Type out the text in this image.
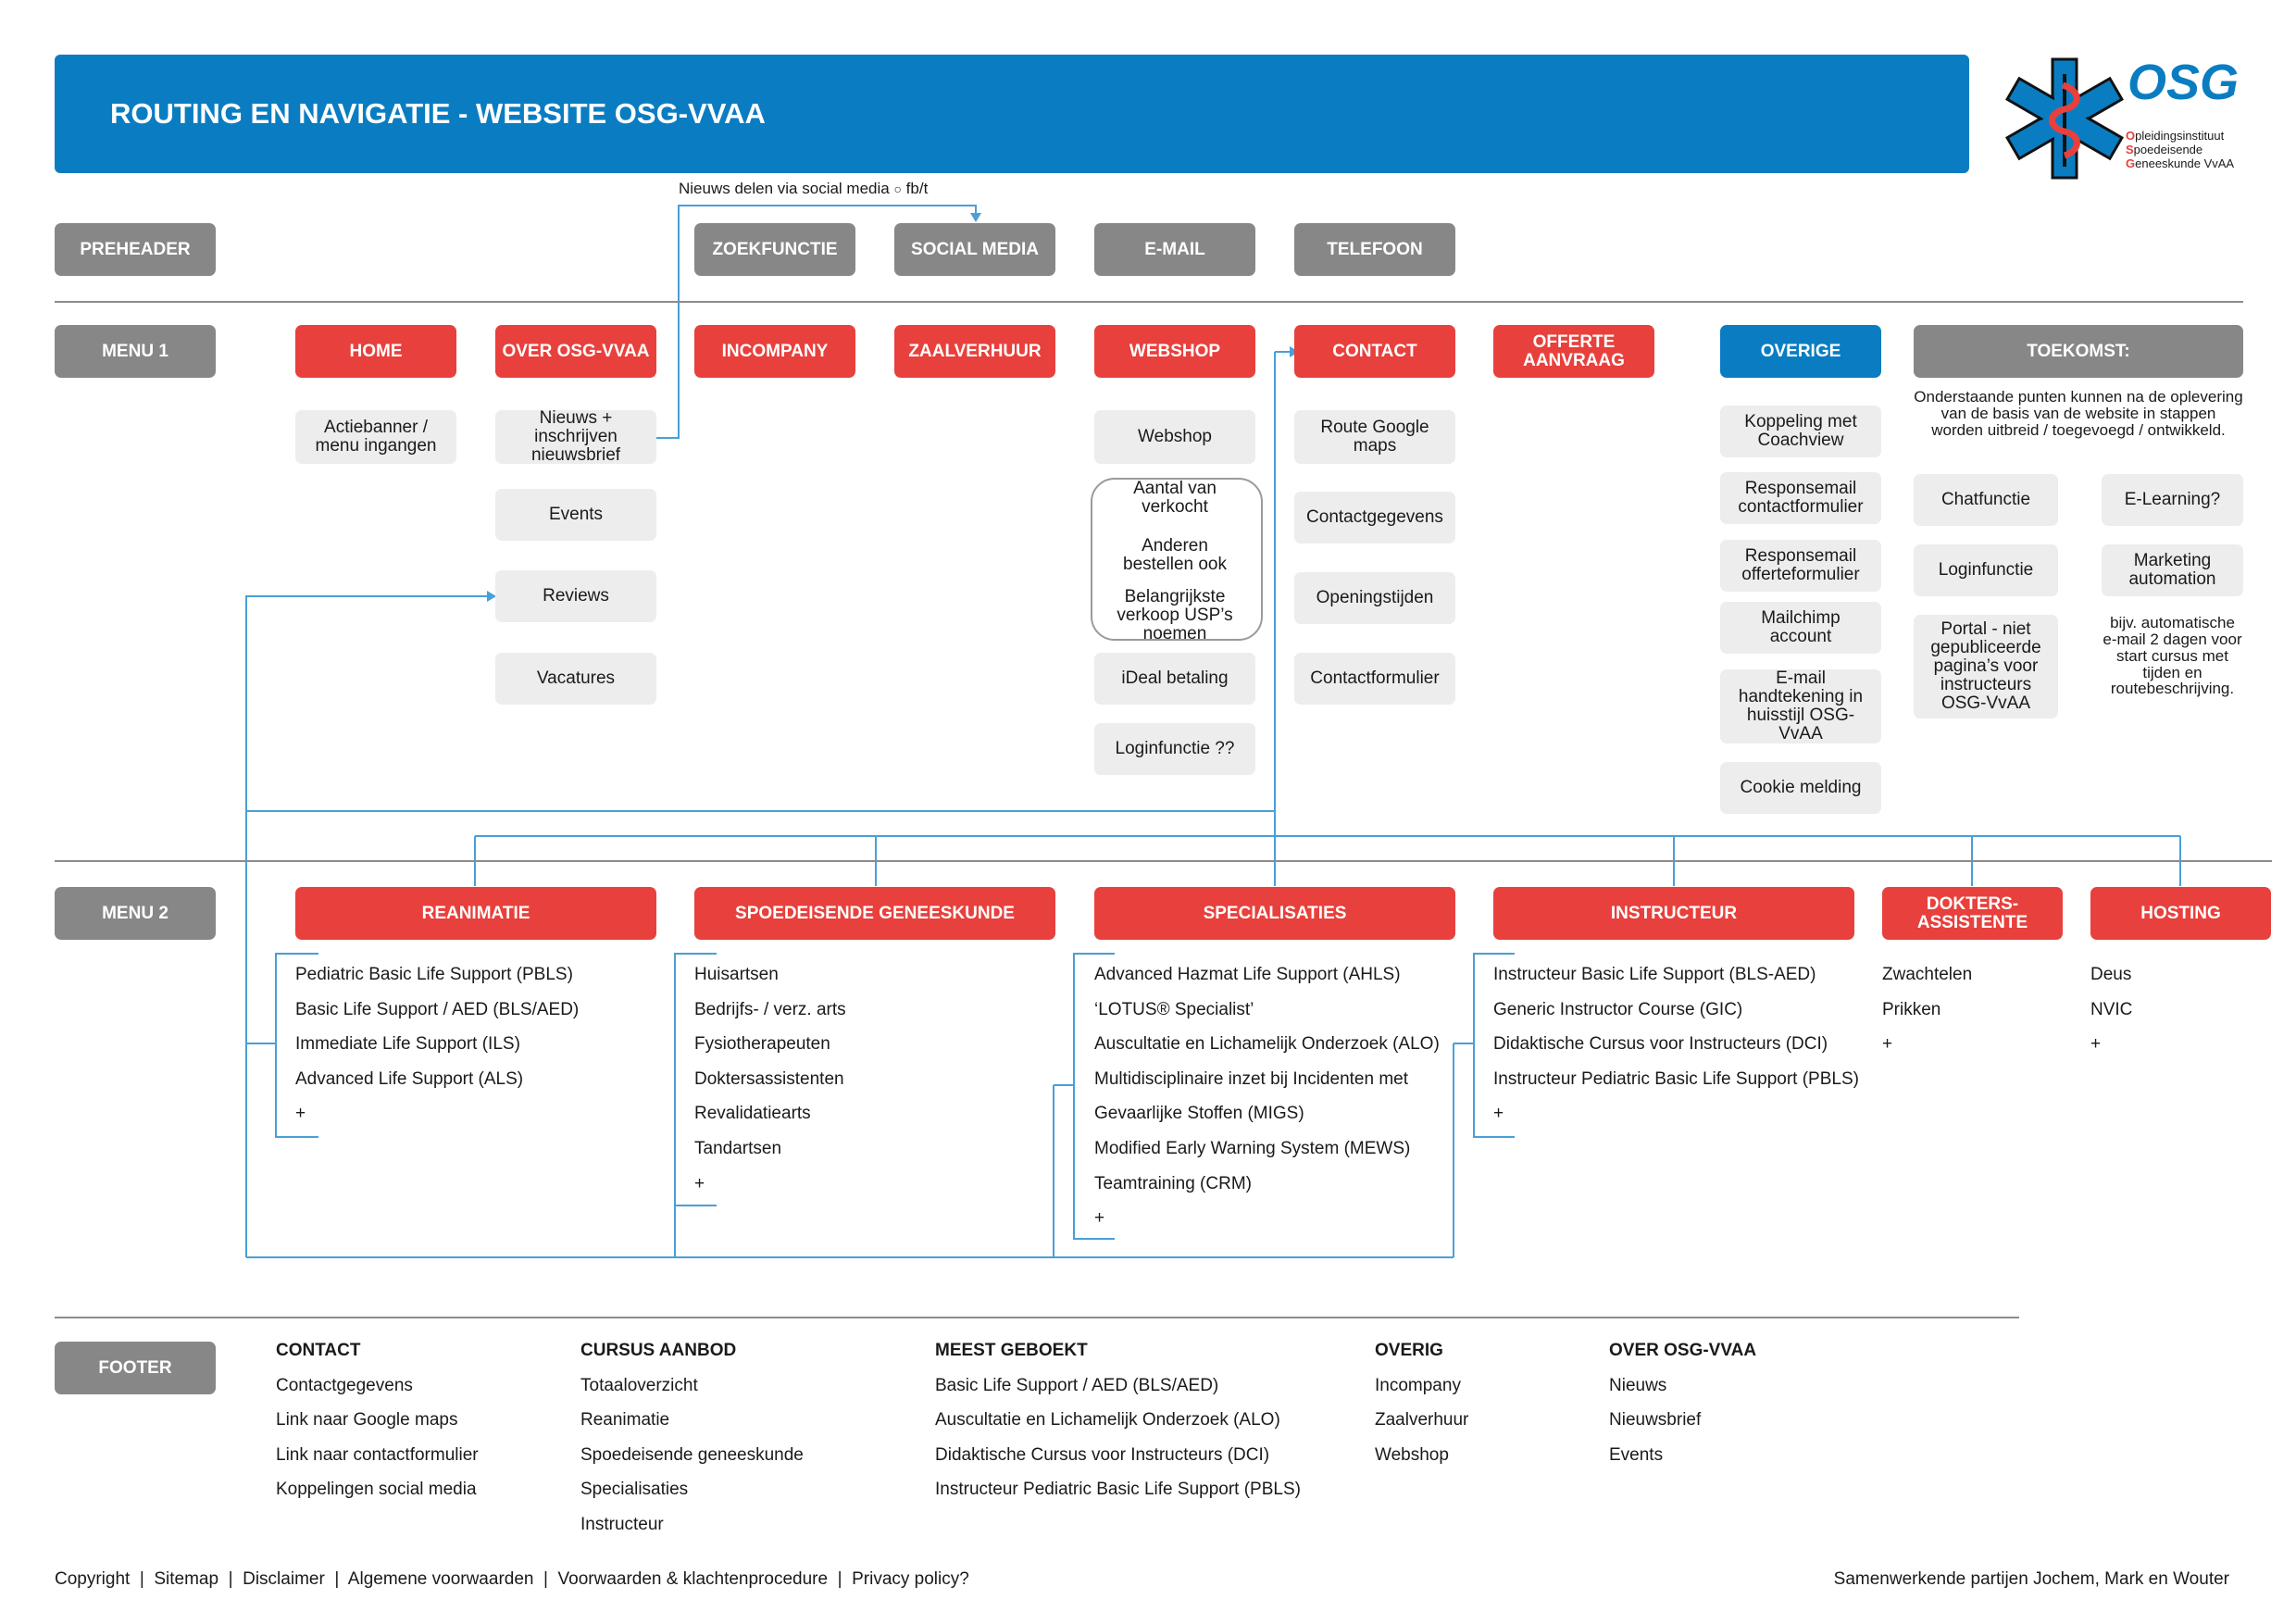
ROUTING EN NAVIGATIE - WEBSITE OSG-VVAA
OSG
Opleidingsinstituut
Spoedeisende
Geneeskunde VvAA
Nieuws delen via social media ○ fb/t
PREHEADER	ZOEKFUNCTIE	SOCIAL MEDIA	E-MAIL	TELEFOON
MENU 1	HOME	OVER OSG-VVAA	INCOMPANY	ZAALVERHUUR	WEBSHOP	CONTACT	OFFERTE AANVRAAG	OVERIGE	TOEKOMST:
Actiebanner / menu ingangen
Nieuws + inschrijven nieuwsbrief
Events
Reviews
Vacatures
Webshop
Aantal van verkocht
Anderen bestellen ook
Belangrijkste verkoop USP’s noemen
iDeal betaling
Loginfunctie ??
Route Google maps
Contactgegevens
Openingstijden
Contactformulier
Koppeling met Coachview
Responsemail contactformulier
Responsemail offerteformulier
Mailchimp account
E-mail handtekening in huisstijl OSG-VvAA
Cookie melding
Onderstaande punten kunnen na de oplevering van de basis van de website in stappen worden uitbreid / toegevoegd / ontwikkeld.
Chatfunctie	E-Learning?
Loginfunctie	Marketing automation
Portal - niet gepubliceerde pagina’s voor instructeurs OSG-VvAA
bijv. automatische e-mail 2 dagen voor start cursus met tijden en routebeschrijving.
MENU 2	REANIMATIE	SPOEDEISENDE GENEESKUNDE	SPECIALISATIES	INSTRUCTEUR	DOKTERS- ASSISTENTE	HOSTING
Pediatric Basic Life Support (PBLS)
Basic Life Support / AED (BLS/AED)
Immediate Life Support (ILS)
Advanced Life Support (ALS)
+
Huisartsen
Bedrijfs- / verz. arts
Fysiotherapeuten
Doktersassistenten
Revalidatiearts
Tandartsen
+
Advanced Hazmat Life Support (AHLS)
‘LOTUS® Specialist’
Auscultatie en Lichamelijk Onderzoek (ALO)
Multidisciplinaire inzet bij Incidenten met
Gevaarlijke Stoffen (MIGS)
Modified Early Warning System (MEWS)
Teamtraining (CRM)
+
Instructeur Basic Life Support (BLS-AED)
Generic Instructor Course (GIC)
Didaktische Cursus voor Instructeurs (DCI)
Instructeur Pediatric Basic Life Support (PBLS)
+
Zwachtelen
Prikken
+
Deus
NVIC
+
FOOTER
CONTACT
Contactgegevens
Link naar Google maps
Link naar contactformulier
Koppelingen social media
CURSUS AANBOD
Totaaloverzicht
Reanimatie
Spoedeisende geneeskunde
Specialisaties
Instructeur
MEEST GEBOEKT
Basic Life Support / AED (BLS/AED)
Auscultatie en Lichamelijk Onderzoek (ALO)
Didaktische Cursus voor Instructeurs (DCI)
Instructeur Pediatric Basic Life Support (PBLS)
OVERIG
Incompany
Zaalverhuur
Webshop
OVER OSG-VVAA
Nieuws
Nieuwsbrief
Events
Copyright  |  Sitemap  |  Disclaimer  |  Algemene voorwaarden  |  Voorwaarden & klachtenprocedure  |  Privacy policy?	Samenwerkende partijen Jochem, Mark en Wouter
